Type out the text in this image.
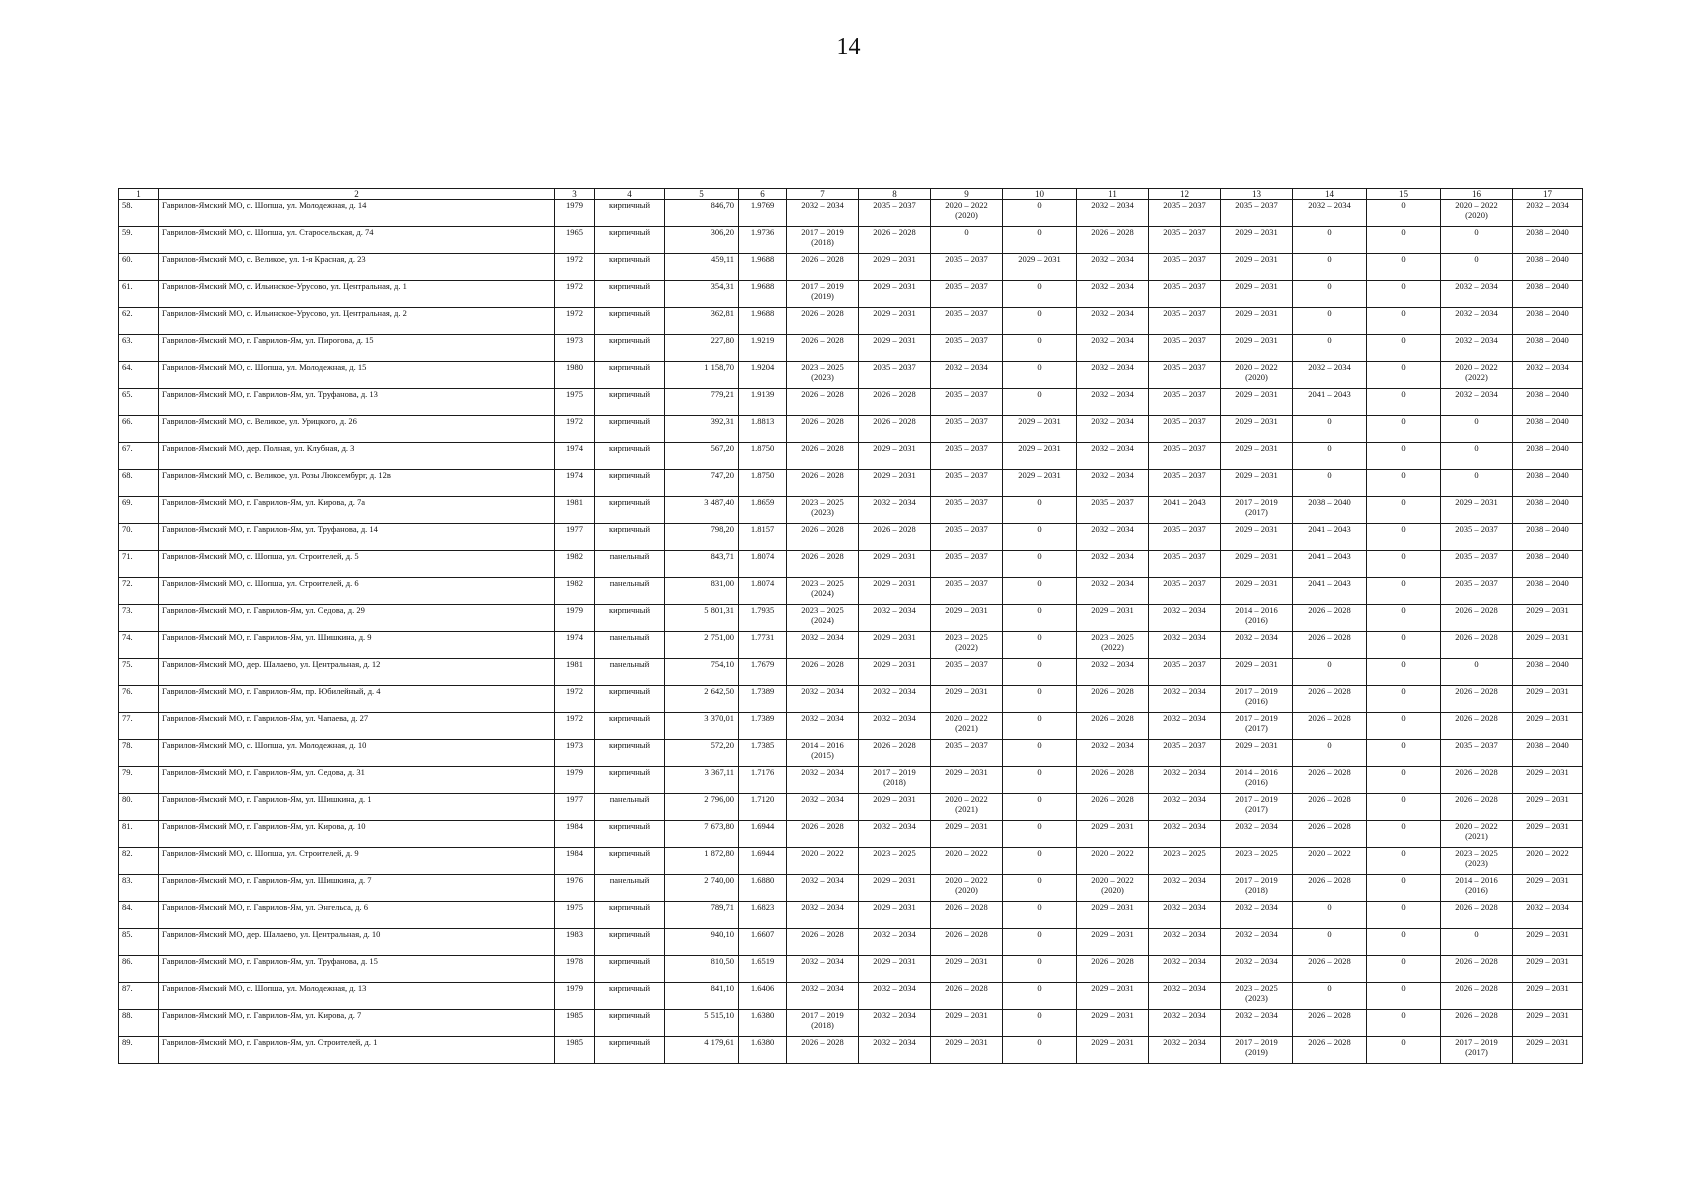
14
1	2	3	4	5	6	7	8	9	10	11	12	13	14	15	16	17
58.	Гаврилов-Ямский МО, с. Шопша, ул. Молодежная, д. 14	1979	кирпичный	846,70	1.9769	2032 – 2034	2035 – 2037	2020 – 2022 (2020)	0	2032 – 2034	2035 – 2037	2035 – 2037	2032 – 2034	0	2020 – 2022 (2020)	2032 – 2034
59.	Гаврилов-Ямский МО, с. Шопша, ул. Старосельская, д. 74	1965	кирпичный	306,20	1.9736	2017 – 2019 (2018)	2026 – 2028	0	0	2026 – 2028	2035 – 2037	2029 – 2031	0	0	0	2038 – 2040
60.	Гаврилов-Ямский МО, с. Великое, ул. 1-я Красная, д. 23	1972	кирпичный	459,11	1.9688	2026 – 2028	2029 – 2031	2035 – 2037	2029 – 2031	2032 – 2034	2035 – 2037	2029 – 2031	0	0	0	2038 – 2040
61.	Гаврилов-Ямский МО, с. Ильинское-Урусово, ул. Центральная, д. 1	1972	кирпичный	354,31	1.9688	2017 – 2019 (2019)	2029 – 2031	2035 – 2037	0	2032 – 2034	2035 – 2037	2029 – 2031	0	0	2032 – 2034	2038 – 2040
62.	Гаврилов-Ямский МО, с. Ильинское-Урусово, ул. Центральная, д. 2	1972	кирпичный	362,81	1.9688	2026 – 2028	2029 – 2031	2035 – 2037	0	2032 – 2034	2035 – 2037	2029 – 2031	0	0	2032 – 2034	2038 – 2040
63.	Гаврилов-Ямский МО, г. Гаврилов-Ям, ул. Пирогова, д. 15	1973	кирпичный	227,80	1.9219	2026 – 2028	2029 – 2031	2035 – 2037	0	2032 – 2034	2035 – 2037	2029 – 2031	0	0	2032 – 2034	2038 – 2040
64.	Гаврилов-Ямский МО, с. Шопша, ул. Молодежная, д. 15	1980	кирпичный	1 158,70	1.9204	2023 – 2025 (2023)	2035 – 2037	2032 – 2034	0	2032 – 2034	2035 – 2037	2020 – 2022 (2020)	2032 – 2034	0	2020 – 2022 (2022)	2032 – 2034
65.	Гаврилов-Ямский МО, г. Гаврилов-Ям, ул. Труфанова, д. 13	1975	кирпичный	779,21	1.9139	2026 – 2028	2026 – 2028	2035 – 2037	0	2032 – 2034	2035 – 2037	2029 – 2031	2041 – 2043	0	2032 – 2034	2038 – 2040
66.	Гаврилов-Ямский МО, с. Великое, ул. Урицкого, д. 26	1972	кирпичный	392,31	1.8813	2026 – 2028	2026 – 2028	2035 – 2037	2029 – 2031	2032 – 2034	2035 – 2037	2029 – 2031	0	0	0	2038 – 2040
67.	Гаврилов-Ямский МО, дер. Полная, ул. Клубная, д. 3	1974	кирпичный	567,20	1.8750	2026 – 2028	2029 – 2031	2035 – 2037	2029 – 2031	2032 – 2034	2035 – 2037	2029 – 2031	0	0	0	2038 – 2040
68.	Гаврилов-Ямский МО, с. Великое, ул. Розы Люксембург, д. 12в	1974	кирпичный	747,20	1.8750	2026 – 2028	2029 – 2031	2035 – 2037	2029 – 2031	2032 – 2034	2035 – 2037	2029 – 2031	0	0	0	2038 – 2040
69.	Гаврилов-Ямский МО, г. Гаврилов-Ям, ул. Кирова, д. 7а	1981	кирпичный	3 487,40	1.8659	2023 – 2025 (2023)	2032 – 2034	2035 – 2037	0	2035 – 2037	2041 – 2043	2017 – 2019 (2017)	2038 – 2040	0	2029 – 2031	2038 – 2040
70.	Гаврилов-Ямский МО, г. Гаврилов-Ям, ул. Труфанова, д. 14	1977	кирпичный	798,20	1.8157	2026 – 2028	2026 – 2028	2035 – 2037	0	2032 – 2034	2035 – 2037	2029 – 2031	2041 – 2043	0	2035 – 2037	2038 – 2040
71.	Гаврилов-Ямский МО, с. Шопша, ул. Строителей, д. 5	1982	панельный	843,71	1.8074	2026 – 2028	2029 – 2031	2035 – 2037	0	2032 – 2034	2035 – 2037	2029 – 2031	2041 – 2043	0	2035 – 2037	2038 – 2040
72.	Гаврилов-Ямский МО, с. Шопша, ул. Строителей, д. 6	1982	панельный	831,00	1.8074	2023 – 2025 (2024)	2029 – 2031	2035 – 2037	0	2032 – 2034	2035 – 2037	2029 – 2031	2041 – 2043	0	2035 – 2037	2038 – 2040
73.	Гаврилов-Ямский МО, г. Гаврилов-Ям, ул. Седова, д. 29	1979	кирпичный	5 801,31	1.7935	2023 – 2025 (2024)	2032 – 2034	2029 – 2031	0	2029 – 2031	2032 – 2034	2014 – 2016 (2016)	2026 – 2028	0	2026 – 2028	2029 – 2031
74.	Гаврилов-Ямский МО, г. Гаврилов-Ям, ул. Шишкина, д. 9	1974	панельный	2 751,00	1.7731	2032 – 2034	2029 – 2031	2023 – 2025 (2022)	0	2023 – 2025 (2022)	2032 – 2034	2032 – 2034	2026 – 2028	0	2026 – 2028	2029 – 2031
75.	Гаврилов-Ямский МО, дер. Шалаево, ул. Центральная, д. 12	1981	панельный	754,10	1.7679	2026 – 2028	2029 – 2031	2035 – 2037	0	2032 – 2034	2035 – 2037	2029 – 2031	0	0	0	2038 – 2040
76.	Гаврилов-Ямский МО, г. Гаврилов-Ям, пр. Юбилейный, д. 4	1972	кирпичный	2 642,50	1.7389	2032 – 2034	2032 – 2034	2029 – 2031	0	2026 – 2028	2032 – 2034	2017 – 2019 (2016)	2026 – 2028	0	2026 – 2028	2029 – 2031
77.	Гаврилов-Ямский МО, г. Гаврилов-Ям, ул. Чапаева, д. 27	1972	кирпичный	3 370,01	1.7389	2032 – 2034	2032 – 2034	2020 – 2022 (2021)	0	2026 – 2028	2032 – 2034	2017 – 2019 (2017)	2026 – 2028	0	2026 – 2028	2029 – 2031
78.	Гаврилов-Ямский МО, с. Шопша, ул. Молодежная, д. 10	1973	кирпичный	572,20	1.7385	2014 – 2016 (2015)	2026 – 2028	2035 – 2037	0	2032 – 2034	2035 – 2037	2029 – 2031	0	0	2035 – 2037	2038 – 2040
79.	Гаврилов-Ямский МО, г. Гаврилов-Ям, ул. Седова, д. 31	1979	кирпичный	3 367,11	1.7176	2032 – 2034	2017 – 2019 (2018)	2029 – 2031	0	2026 – 2028	2032 – 2034	2014 – 2016 (2016)	2026 – 2028	0	2026 – 2028	2029 – 2031
80.	Гаврилов-Ямский МО, г. Гаврилов-Ям, ул. Шишкина, д. 1	1977	панельный	2 796,00	1.7120	2032 – 2034	2029 – 2031	2020 – 2022 (2021)	0	2026 – 2028	2032 – 2034	2017 – 2019 (2017)	2026 – 2028	0	2026 – 2028	2029 – 2031
81.	Гаврилов-Ямский МО, г. Гаврилов-Ям, ул. Кирова, д. 10	1984	кирпичный	7 673,80	1.6944	2026 – 2028	2032 – 2034	2029 – 2031	0	2029 – 2031	2032 – 2034	2032 – 2034	2026 – 2028	0	2020 – 2022 (2021)	2029 – 2031
82.	Гаврилов-Ямский МО, с. Шопша, ул. Строителей, д. 9	1984	кирпичный	1 872,80	1.6944	2020 – 2022	2023 – 2025	2020 – 2022	0	2020 – 2022	2023 – 2025	2023 – 2025	2020 – 2022	0	2023 – 2025 (2023)	2020 – 2022
83.	Гаврилов-Ямский МО, г. Гаврилов-Ям, ул. Шишкина, д. 7	1976	панельный	2 740,00	1.6880	2032 – 2034	2029 – 2031	2020 – 2022 (2020)	0	2020 – 2022 (2020)	2032 – 2034	2017 – 2019 (2018)	2026 – 2028	0	2014 – 2016 (2016)	2029 – 2031
84.	Гаврилов-Ямский МО, г. Гаврилов-Ям, ул. Энгельса, д. 6	1975	кирпичный	789,71	1.6823	2032 – 2034	2029 – 2031	2026 – 2028	0	2029 – 2031	2032 – 2034	2032 – 2034	0	0	2026 – 2028	2032 – 2034
85.	Гаврилов-Ямский МО, дер. Шалаево, ул. Центральная, д. 10	1983	кирпичный	940,10	1.6607	2026 – 2028	2032 – 2034	2026 – 2028	0	2029 – 2031	2032 – 2034	2032 – 2034	0	0	0	2029 – 2031
86.	Гаврилов-Ямский МО, г. Гаврилов-Ям, ул. Труфанова, д. 15	1978	кирпичный	810,50	1.6519	2032 – 2034	2029 – 2031	2029 – 2031	0	2026 – 2028	2032 – 2034	2032 – 2034	2026 – 2028	0	2026 – 2028	2029 – 2031
87.	Гаврилов-Ямский МО, с. Шопша, ул. Молодежная, д. 13	1979	кирпичный	841,10	1.6406	2032 – 2034	2032 – 2034	2026 – 2028	0	2029 – 2031	2032 – 2034	2023 – 2025 (2023)	0	0	2026 – 2028	2029 – 2031
88.	Гаврилов-Ямский МО, г. Гаврилов-Ям, ул. Кирова, д. 7	1985	кирпичный	5 515,10	1.6380	2017 – 2019 (2018)	2032 – 2034	2029 – 2031	0	2029 – 2031	2032 – 2034	2032 – 2034	2026 – 2028	0	2026 – 2028	2029 – 2031
89.	Гаврилов-Ямский МО, г. Гаврилов-Ям, ул. Строителей, д. 1	1985	кирпичный	4 179,61	1.6380	2026 – 2028	2032 – 2034	2029 – 2031	0	2029 – 2031	2032 – 2034	2017 – 2019 (2019)	2026 – 2028	0	2017 – 2019 (2017)	2029 – 2031
